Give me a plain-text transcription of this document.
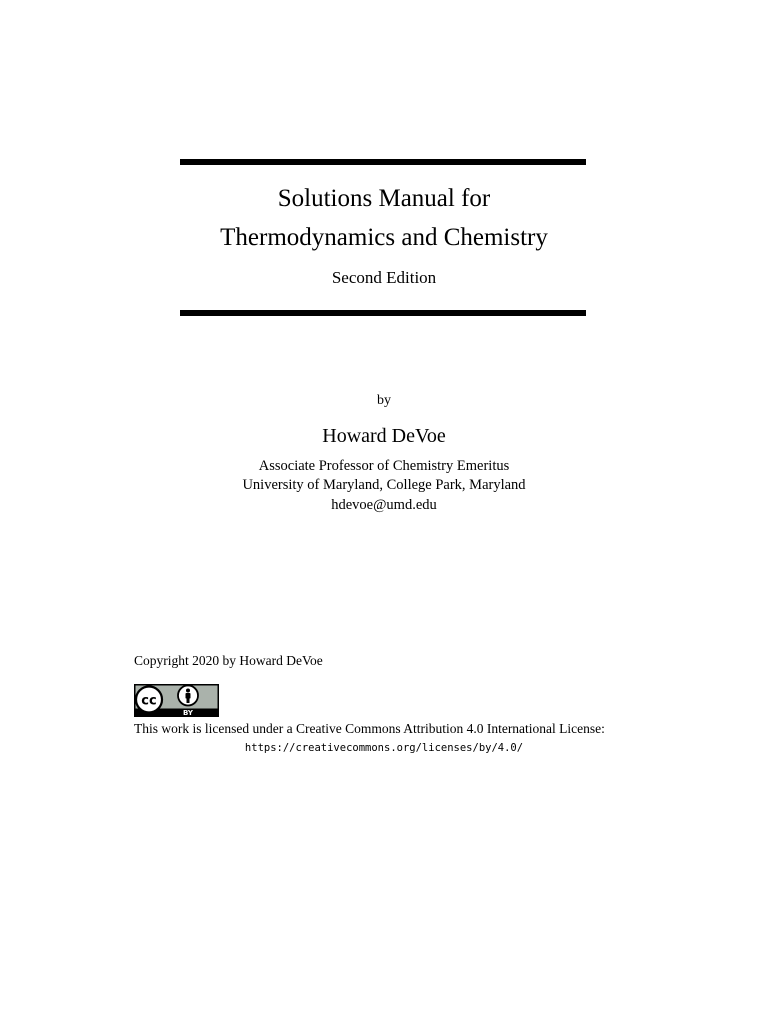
Solutions Manual for
Thermodynamics and Chemistry
Second Edition
by
Howard DeVoe
Associate Professor of Chemistry Emeritus
University of Maryland, College Park, Maryland
hdevoe@umd.edu
Copyright 2020 by Howard DeVoe
cc
BY
This work is licensed under a Creative Commons Attribution 4.0 International License:
https://creativecommons.org/licenses/by/4.0/
